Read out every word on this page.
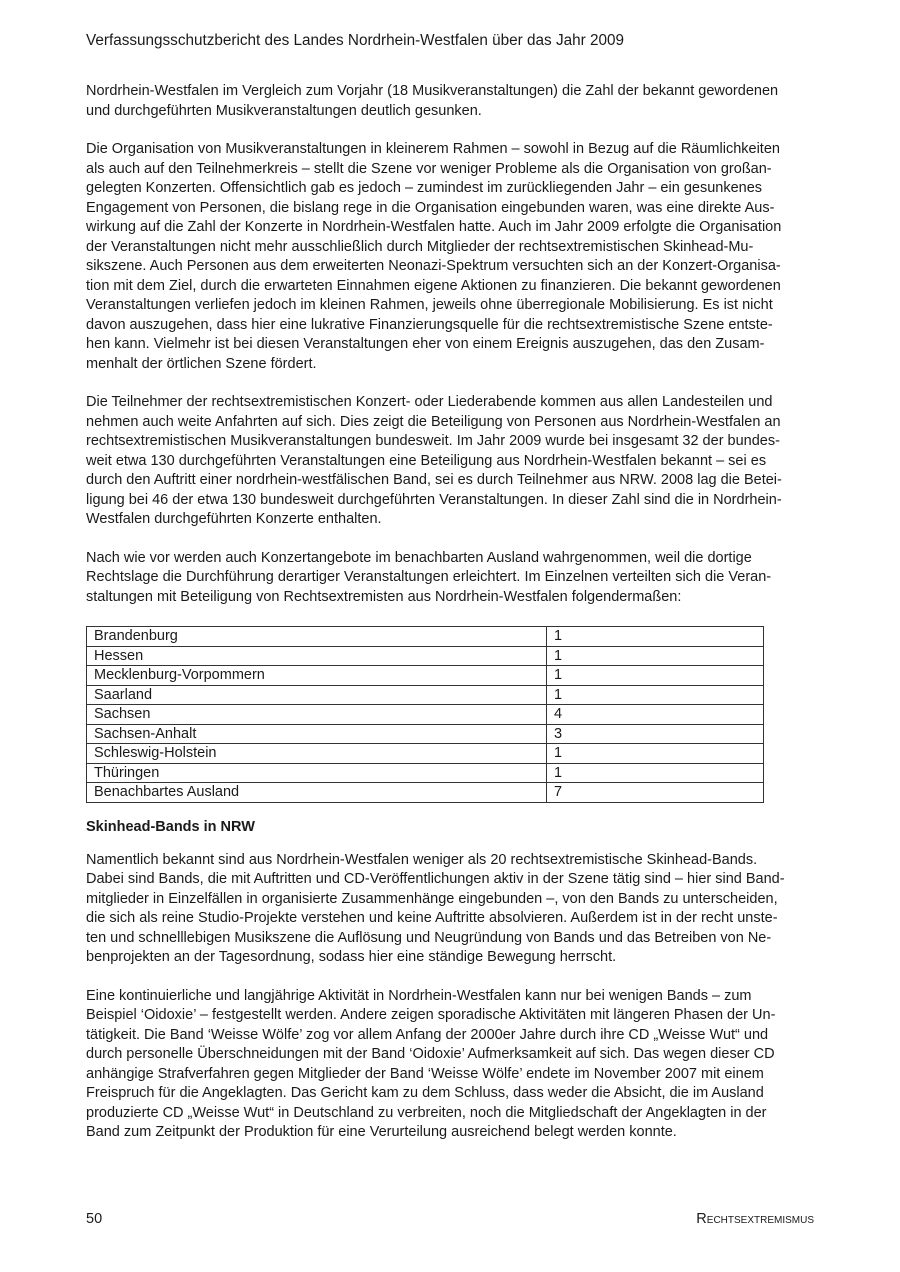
Verfassungsschutzbericht des Landes Nordrhein-Westfalen über das Jahr 2009

Nordrhein-Westfalen im Vergleich zum Vorjahr (18 Musikveranstaltungen) die Zahl der bekannt gewordenen
und durchgeführten Musikveranstaltungen deutlich gesunken.

Die Organisation von Musikveranstaltungen in kleinerem Rahmen – sowohl in Bezug auf die Räumlichkeiten
als auch auf den Teilnehmerkreis – stellt die Szene vor weniger Probleme als die Organisation von großan-
gelegten Konzerten. Offensichtlich gab es jedoch – zumindest im zurückliegenden Jahr – ein gesunkenes
Engagement von Personen, die bislang rege in die Organisation eingebunden waren, was eine direkte Aus-
wirkung auf die Zahl der Konzerte in Nordrhein-Westfalen hatte. Auch im Jahr 2009 erfolgte die Organisation
der Veranstaltungen nicht mehr ausschließlich durch Mitglieder der rechtsextremistischen Skinhead-Mu-
sikszene. Auch Personen aus dem erweiterten Neonazi-Spektrum versuchten sich an der Konzert-Organisa-
tion mit dem Ziel, durch die erwarteten Einnahmen eigene Aktionen zu finanzieren. Die bekannt gewordenen
Veranstaltungen verliefen jedoch im kleinen Rahmen, jeweils ohne überregionale Mobilisierung. Es ist nicht
davon auszugehen, dass hier eine lukrative Finanzierungsquelle für die rechtsextremistische Szene entste-
hen kann. Vielmehr ist bei diesen Veranstaltungen eher von einem Ereignis auszugehen, das den Zusam-
menhalt der örtlichen Szene fördert.

Die Teilnehmer der rechtsextremistischen Konzert- oder Liederabende kommen aus allen Landesteilen und
nehmen auch weite Anfahrten auf sich. Dies zeigt die Beteiligung von Personen aus Nordrhein-Westfalen an
rechtsextremistischen Musikveranstaltungen bundesweit. Im Jahr 2009 wurde bei insgesamt 32 der bundes-
weit etwa 130 durchgeführten Veranstaltungen eine Beteiligung aus Nordrhein-Westfalen bekannt – sei es
durch den Auftritt einer nordrhein-westfälischen Band, sei es durch Teilnehmer aus NRW. 2008 lag die Betei-
ligung bei 46 der etwa 130 bundesweit durchgeführten Veranstaltungen. In dieser Zahl sind die in Nordrhein-
Westfalen durchgeführten Konzerte enthalten.

Nach wie vor werden auch Konzertangebote im benachbarten Ausland wahrgenommen, weil die dortige
Rechtslage die Durchführung derartiger Veranstaltungen erleichtert. Im Einzelnen verteilten sich die Veran-
staltungen mit Beteiligung von Rechtsextremisten aus Nordrhein-Westfalen folgendermaßen:

Brandenburg	1
Hessen	1
Mecklenburg-Vorpommern	1
Saarland	1
Sachsen	4
Sachsen-Anhalt	3
Schleswig-Holstein	1
Thüringen	1
Benachbartes Ausland	7
Skinhead-Bands in NRW

Namentlich bekannt sind aus Nordrhein-Westfalen weniger als 20 rechtsextremistische Skinhead-Bands.
Dabei sind Bands, die mit Auftritten und CD-Veröffentlichungen aktiv in der Szene tätig sind – hier sind Band-
mitglieder in Einzelfällen in organisierte Zusammenhänge eingebunden –, von den Bands zu unterscheiden,
die sich als reine Studio-Projekte verstehen und keine Auftritte absolvieren. Außerdem ist in der recht unste-
ten und schnelllebigen Musikszene die Auflösung und Neugründung von Bands und das Betreiben von Ne-
benprojekten an der Tagesordnung, sodass hier eine ständige Bewegung herrscht.

Eine kontinuierliche und langjährige Aktivität in Nordrhein-Westfalen kann nur bei wenigen Bands – zum
Beispiel ‘Oidoxie’ – festgestellt werden. Andere zeigen sporadische Aktivitäten mit längeren Phasen der Un-
tätigkeit. Die Band ‘Weisse Wölfe’ zog vor allem Anfang der 2000er Jahre durch ihre CD „Weisse Wut“ und
durch personelle Überschneidungen mit der Band ‘Oidoxie’ Aufmerksamkeit auf sich. Das wegen dieser CD
anhängige Strafverfahren gegen Mitglieder der Band ‘Weisse Wölfe’ endete im November 2007 mit einem
Freispruch für die Angeklagten. Das Gericht kam zu dem Schluss, dass weder die Absicht, die im Ausland
produzierte CD „Weisse Wut“ in Deutschland zu verbreiten, noch die Mitgliedschaft der Angeklagten in der
Band zum Zeitpunkt der Produktion für eine Verurteilung ausreichend belegt werden konnte.

50	Rechtsextremismus
